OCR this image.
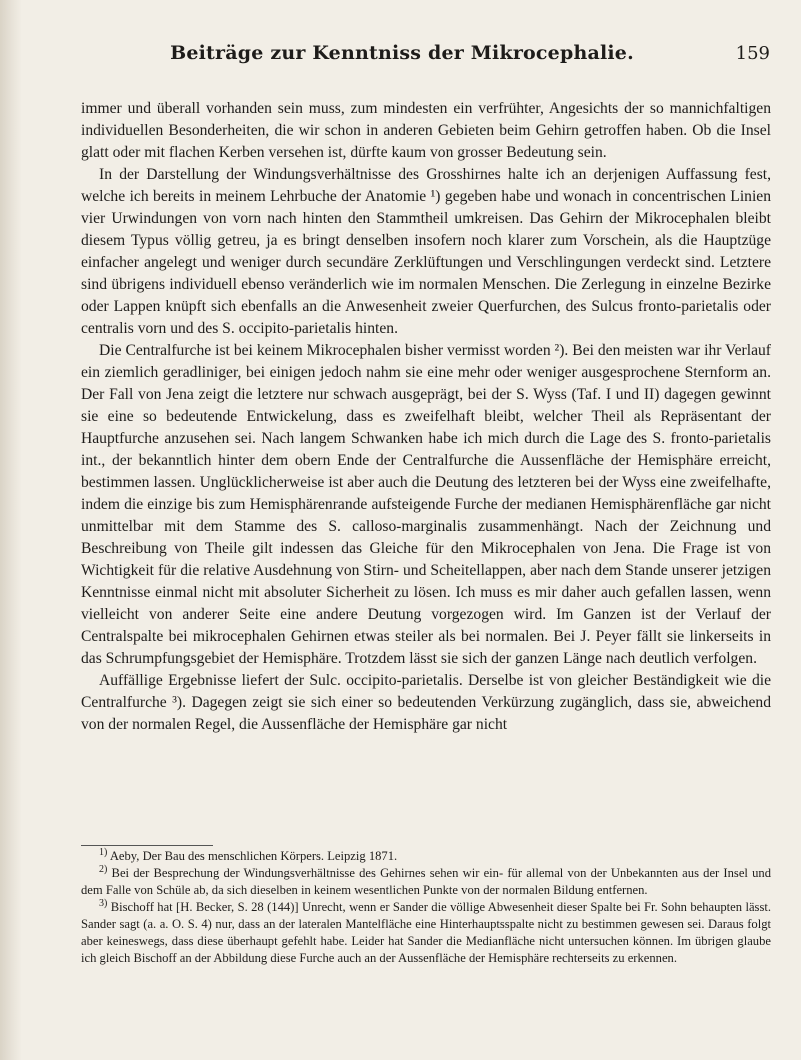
Beiträge zur Kenntniss der Mikrocephalie.	159

immer und überall vorhanden sein muss, zum mindesten ein verfrühter, Angesichts der so mannichfaltigen individuellen Besonderheiten, die wir schon in anderen Gebieten beim Gehirn getroffen haben. Ob die Insel glatt oder mit flachen Kerben versehen ist, dürfte kaum von grosser Bedeutung sein.

In der Darstellung der Windungsverhältnisse des Grosshirnes halte ich an derjenigen Auffassung fest, welche ich bereits in meinem Lehrbuche der Anatomie ¹) gegeben habe und wonach in concentrischen Linien vier Urwindungen von vorn nach hinten den Stammtheil umkreisen. Das Gehirn der Mikrocephalen bleibt diesem Typus völlig getreu, ja es bringt denselben insofern noch klarer zum Vorschein, als die Hauptzüge einfacher angelegt und weniger durch secundäre Zerklüftungen und Verschlingungen verdeckt sind. Letztere sind übrigens individuell ebenso veränderlich wie im normalen Menschen. Die Zerlegung in einzelne Bezirke oder Lappen knüpft sich ebenfalls an die Anwesenheit zweier Querfurchen, des Sulcus fronto-parietalis oder centralis vorn und des S. occipito-parietalis hinten.

Die Centralfurche ist bei keinem Mikrocephalen bisher vermisst worden ²). Bei den meisten war ihr Verlauf ein ziemlich geradliniger, bei einigen jedoch nahm sie eine mehr oder weniger ausgesprochene Sternform an. Der Fall von Jena zeigt die letztere nur schwach ausgeprägt, bei der S. Wyss (Taf. I und II) dagegen gewinnt sie eine so bedeutende Entwickelung, dass es zweifelhaft bleibt, welcher Theil als Repräsentant der Hauptfurche anzusehen sei. Nach langem Schwanken habe ich mich durch die Lage des S. fronto-parietalis int., der bekanntlich hinter dem obern Ende der Centralfurche die Aussenfläche der Hemisphäre erreicht, bestimmen lassen. Unglücklicherweise ist aber auch die Deutung des letzteren bei der Wyss eine zweifelhafte, indem die einzige bis zum Hemisphärenrande aufsteigende Furche der medianen Hemisphärenfläche gar nicht unmittelbar mit dem Stamme des S. calloso-marginalis zusammenhängt. Nach der Zeichnung und Beschreibung von Theile gilt indessen das Gleiche für den Mikrocephalen von Jena. Die Frage ist von Wichtigkeit für die relative Ausdehnung von Stirn- und Scheitellappen, aber nach dem Stande unserer jetzigen Kenntnisse einmal nicht mit absoluter Sicherheit zu lösen. Ich muss es mir daher auch gefallen lassen, wenn vielleicht von anderer Seite eine andere Deutung vorgezogen wird. Im Ganzen ist der Verlauf der Centralspalte bei mikrocephalen Gehirnen etwas steiler als bei normalen. Bei J. Peyer fällt sie linkerseits in das Schrumpfungsgebiet der Hemisphäre. Trotzdem lässt sie sich der ganzen Länge nach deutlich verfolgen.

Auffällige Ergebnisse liefert der Sulc. occipito-parietalis. Derselbe ist von gleicher Beständigkeit wie die Centralfurche ³). Dagegen zeigt sie sich einer so bedeutenden Verkürzung zugänglich, dass sie, abweichend von der normalen Regel, die Aussenfläche der Hemisphäre gar nicht

$^{1)}$ Aeby, Der Bau des menschlichen Körpers. Leipzig 1871.

$^{2)}$ Bei der Besprechung der Windungsverhältnisse des Gehirnes sehen wir ein- für allemal von der Unbekannten aus der Insel und dem Falle von Schüle ab, da sich dieselben in keinem wesentlichen Punkte von der normalen Bildung entfernen.

$^{3)}$ Bischoff hat [H. Becker, S. 28 (144)] Unrecht, wenn er Sander die völlige Abwesenheit dieser Spalte bei Fr. Sohn behaupten lässt. Sander sagt (a. a. O. S. 4) nur, dass an der lateralen Mantelfläche eine Hinterhauptsspalte nicht zu bestimmen gewesen sei. Daraus folgt aber keineswegs, dass diese überhaupt gefehlt habe. Leider hat Sander die Medianfläche nicht untersuchen können. Im übrigen glaube ich gleich Bischoff an der Abbildung diese Furche auch an der Aussenfläche der Hemisphäre rechterseits zu erkennen.
